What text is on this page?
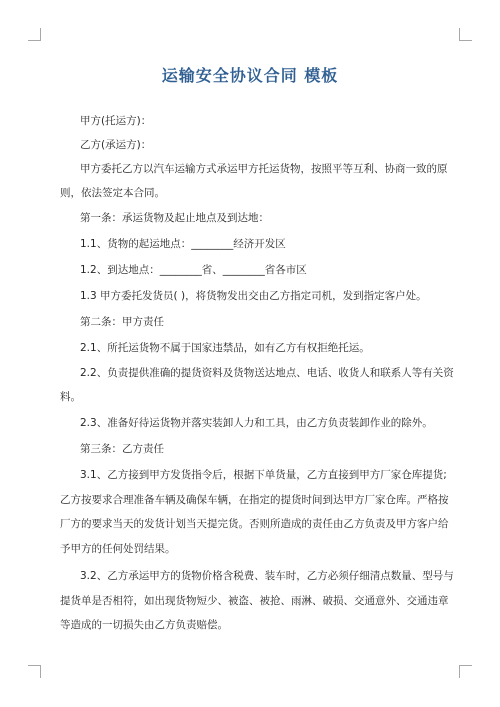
运输安全协议合同 模板
甲方(托运方)：
乙方(承运方)：
甲方委托乙方以汽车运输方式承运甲方托运货物，按照平等互利、协商一致的原
则，依法签定本合同。
第一条：承运货物及起止地点及到达地：
1.1、货物的起运地点：________经济开发区
1.2、到达地点：________省、________省各市区
1.3 甲方委托发货员( )，将货物发出交由乙方指定司机，发到指定客户处。
第二条：甲方责任
2.1、所托运货物不属于国家违禁品，如有乙方有权拒绝托运。
2.2、负责提供准确的提货资料及货物送达地点、电话、收货人和联系人等有关资
料。
2.3、准备好待运货物并落实装卸人力和工具，由乙方负责装卸作业的除外。
第三条：乙方责任
3.1、乙方接到甲方发货指令后，根据下单货量，乙方直接到甲方厂家仓库提货;
乙方按要求合理准备车辆及确保车辆，在指定的提货时间到达甲方厂家仓库。严格按
厂方的要求当天的发货计划当天提完货。否则所造成的责任由乙方负责及甲方客户给
予甲方的任何处罚结果。
3.2、乙方承运甲方的货物价格含税费、装车时，乙方必须仔细清点数量、型号与
提货单是否相符，如出现货物短少、被盗、被抢、雨淋、破损、交通意外、交通违章
等造成的一切损失由乙方负责赔偿。
